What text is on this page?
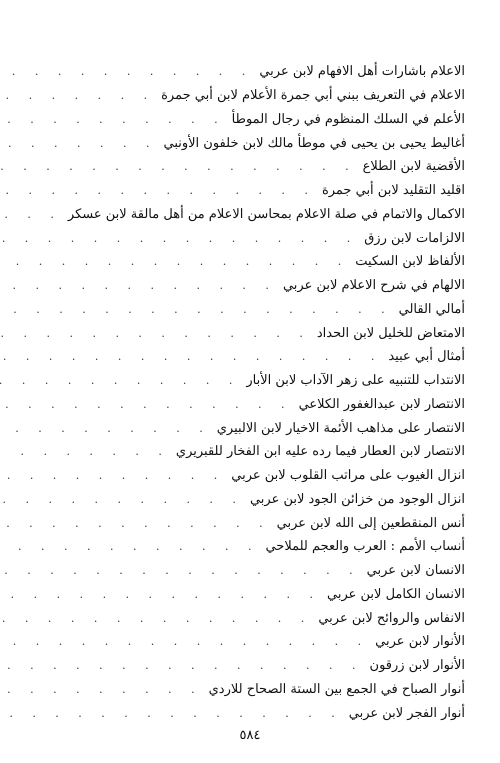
الاعلام باشارات أهل الافهام لابن عربي
. . .
الاعلام في التعريف ببني أبي جمرة الأعلام لابن أبي جمرة
. . .
الأعلم في السلك المنظوم في رجال الموطأ
. . .
أغاليط يحيى بن يحيى في موطأ مالك لابن خلفون الأونبي
. . .
الأقضية لابن الطلاع
. . .
اقليد التقليد لابن أبي جمرة
. . .
الاكمال والاتمام في صلة الاعلام بمحاسن الاعلام من أهل مالقة لابن عسكر
. . .
الالزامات لابن رزق
. . .
الألفاظ لابن السكيت
. . .
الالهام في شرح الاعلام لابن عربي
. . .
أمالي القالي
. . .
الامتعاض للخليل لابن الحداد
. . .
أمثال أبي عبيد
. . .
الانتداب للتنبيه على زهر الآداب لابن الأبار
. . .
الانتصار لابن عبدالغفور الكلاعي
. . .
الانتصار على مذاهب الأئمة الاخيار لابن الالبيري
. . .
الانتصار لابن العطار فيما رده عليه ابن الفخار للقبريري
. . .
انزال الغيوب على مراتب القلوب لابن عربي
. . .
انزال الوجود من خزائن الجود لابن عربي
. . .
أنس المنقطعين إلى الله لابن عربي
. . .
أنساب الأمم : العرب والعجم للملاحي
. . .
الانسان لابن عربي
. . .
الانسان الكامل لابن عربي
. . .
الانفاس والروائح لابن عربي
. . .
الأنوار لابن عربي
. . .
الأنوار لابن زرقون
. . .
أنوار الصباح في الجمع بين الستة الصحاح للاردي
. . .
أنوار الفجر لابن عربي
. . .
٥٨٤
